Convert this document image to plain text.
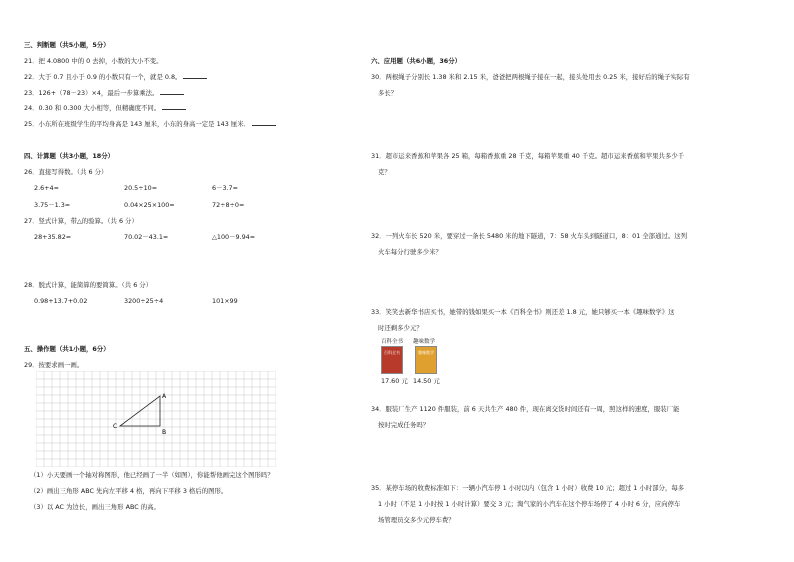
三、判断题（共5小题，5分）
21．把 4.0800 中的 0 去掉，小数的大小不变。
22．大于 0.7 且小于 0.9 的小数只有一个，就是 0.8。
23．126+（78－23）×4，最后一步算乘法。
24．0.30 和 0.300 大小相等，但精确度不同。
25．小东所在班级学生的平均身高是 143 厘米，小东的身高一定是 143 厘米．
四、计算题（共3小题，18分）
26．直接写得数。（共 6 分）
2.6+4=	20.5÷10=	6－3.7=
3.75－1.3=	0.04×25×100=	72÷8÷0=
27．竖式计算，带△的验算。（共 6 分）
28+35.82=	70.02－43.1=	△100－9.94=
28．脱式计算，能简算的要简算。（共 6 分）
0.98+13.7+0.02	3200÷25÷4	101×99
五、操作题（共1小题，6分）
29．按要求画一画。
A
B
C
（1）小天要画一个轴对称图形，他已经画了一半（如图），你能帮他画完这个图形吗？
（2）画出三角形 ABC 先向左平移 4 格，再向下平移 3 格后的图形。
（3）以 AC 为边长，画出三角形 ABC 的高。
六、应用题（共6小题，36分）
30．两根绳子分别长 1.38 米和 2.15 米，爸爸把两根绳子接在一起，接头处用去 0.25 米，接好后的绳子实际有
多长？
31．超市运来香蕉和苹果各 25 箱，每箱香蕉重 28 千克，每箱苹果重 40 千克。超市运来香蕉和苹果共多少千
克？
32．一列火车长 520 米，要穿过一条长 5480 米的地下隧道，7：58 火车头到隧道口，8：01 全部通过。这列
火车每分行驶多少米？
33．笑笑去新华书店买书，她带的钱如果买一本《百科全书》则还差 1.8 元，她只够买一本《趣味数学》这
时还剩多少元？
百科全书 趣味数学
百科全书	趣味数学
17.60 元 14.50 元
34．服装厂生产 1120 件服装，前 6 天共生产 480 件，现在离交货时间还有一周，照这样的速度，服装厂能
按时完成任务吗？
35．某停车场的收费标准如下：一辆小汽车停 1 小时以内（包含 1 小时）收费 10 元；超过 1 小时部分，每多
1 小时（不足 1 小时按 1 小时计算）要交 3 元；淘气家的小汽车在这个停车场停了 4 小时 6 分，应向停车
场管理员交多少元停车费？
